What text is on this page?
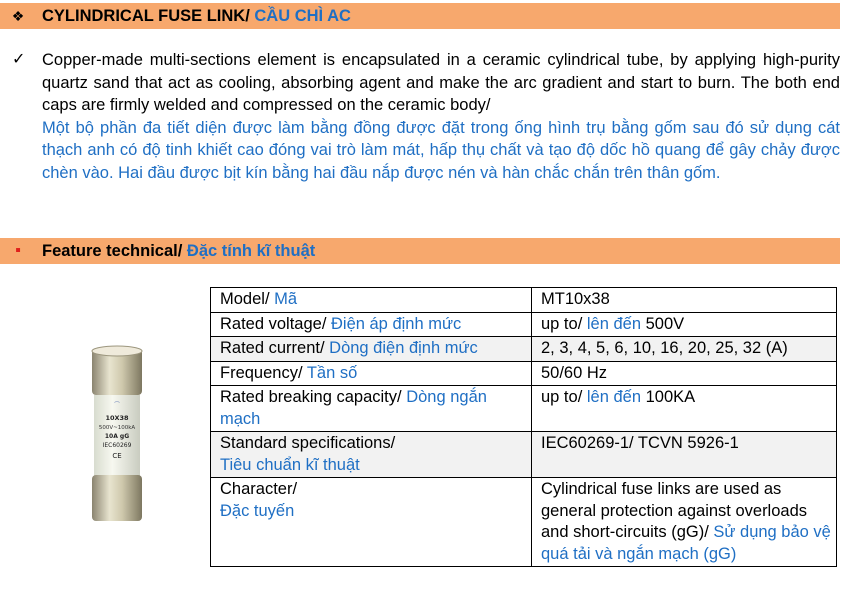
❖	CYLINDRICAL FUSE LINK/ CẦU CHÌ AC
✓ Copper-made multi-sections element is encapsulated in a ceramic cylindrical tube, by applying high-purity quartz sand that act as cooling, absorbing agent and make the arc gradient and start to burn. The both end caps are firmly welded and compressed on the ceramic body/

Một bộ phần đa tiết diện được làm bằng đồng được đặt trong ống hình trụ bằng gốm sau đó sử dụng cát thạch anh có độ tinh khiết cao đóng vai trò làm mát, hấp thụ chất và tạo độ dốc hồ quang để gây chảy được chèn vào. Hai đầu được bịt kín bằng hai đầu nắp được nén và hàn chắc chắn trên thân gốm.

▪	Feature technical/ Đặc tính kĩ thuật
⌒
10X38
500V~100kA
10A gG
IEC60269
CE
Model/ Mã	MT10x38
Rated voltage/ Điện áp định mức	up to/ lên đến 500V
Rated current/ Dòng điện định mức	2, 3, 4, 5, 6, 10, 16, 20, 25, 32 (A)
Frequency/ Tần số	50/60 Hz
Rated breaking capacity/ Dòng ngắn mạch	up to/ lên đến 100KA
Standard specifications/
Tiêu chuẩn kĩ thuật	IEC60269-1/ TCVN 5926-1
Character/
Đặc tuyến	Cylindrical fuse links are used as general protection against overloads and short-circuits (gG)/ Sử dụng bảo vệ quá tải và ngắn mạch (gG)
